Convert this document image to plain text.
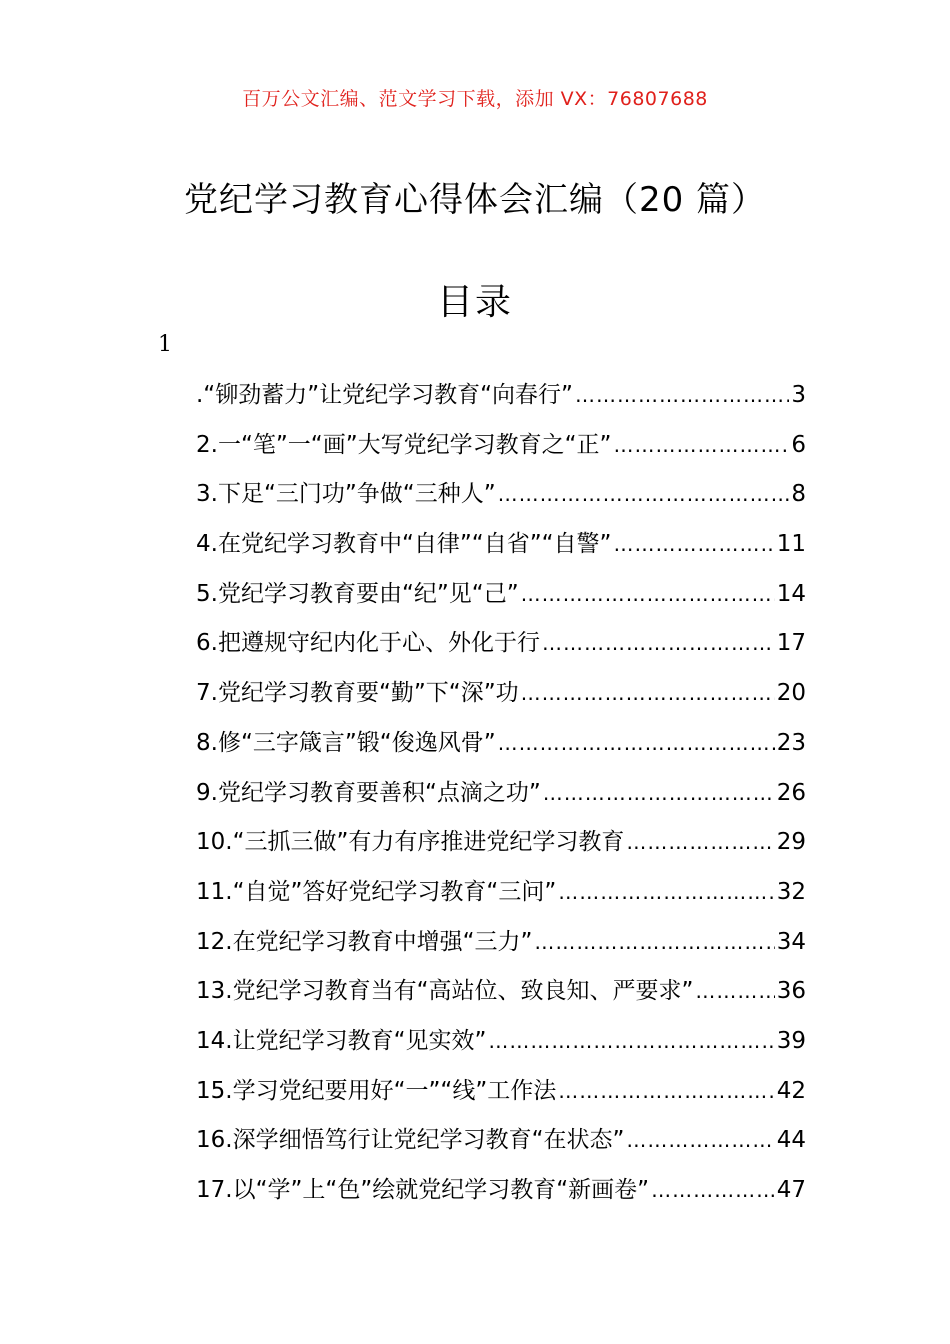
百万公文汇编、范文学习下载，添加 VX：76807688
党纪学习教育心得体会汇编（20 篇）
目录
1
.“铆劲蓄力”让党纪学习教育“向春行” ……………………………………………………………………………………………………………………	3
2.一“笔”一“画”大写党纪学习教育之“正” ……………………………………………………………………………………………………………………	6
3.下足“三门功”争做“三种人” ……………………………………………………………………………………………………………………	8
4.在党纪学习教育中“自律”“自省”“自警” ……………………………………………………………………………………………………………………	11
5.党纪学习教育要由“纪”见“己” ……………………………………………………………………………………………………………………	14
6.把遵规守纪内化于心、外化于行 ……………………………………………………………………………………………………………………	17
7.党纪学习教育要“勤”下“深”功 ……………………………………………………………………………………………………………………	20
8.修“三字箴言”锻“俊逸风骨” ……………………………………………………………………………………………………………………	23
9.党纪学习教育要善积“点滴之功” ……………………………………………………………………………………………………………………	26
10.“三抓三做”有力有序推进党纪学习教育 ……………………………………………………………………………………………………………………	29
11.“自觉”答好党纪学习教育“三问” ……………………………………………………………………………………………………………………	32
12.在党纪学习教育中增强“三力” ……………………………………………………………………………………………………………………	34
13.党纪学习教育当有“高站位、致良知、严要求” ……………………………………………………………………………………………………………………	36
14.让党纪学习教育“见实效” ……………………………………………………………………………………………………………………	39
15.学习党纪要用好“一”“线”工作法 ……………………………………………………………………………………………………………………	42
16.深学细悟笃行让党纪学习教育“在状态” ……………………………………………………………………………………………………………………	44
17.以“学”上“色”绘就党纪学习教育“新画卷” ……………………………………………………………………………………………………………………	47
